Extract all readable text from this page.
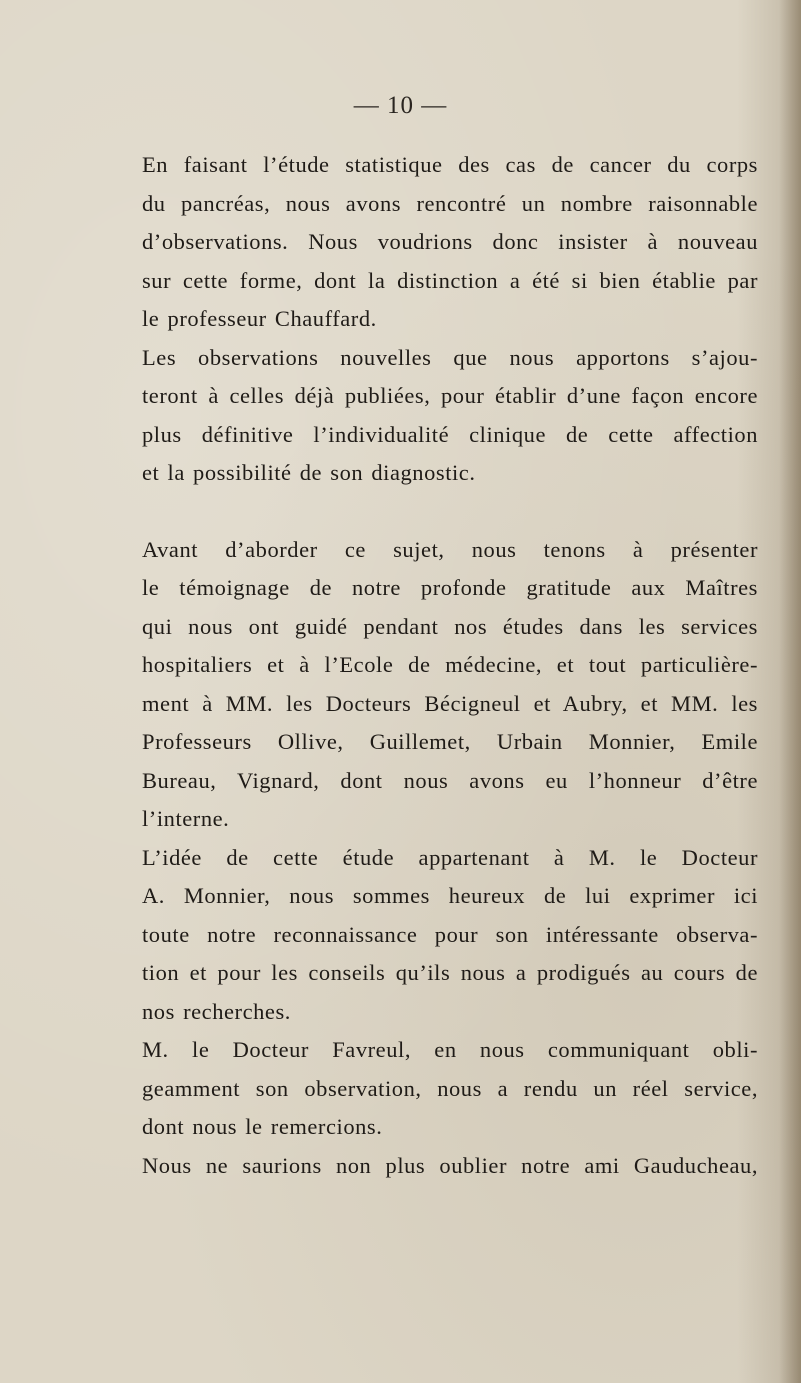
— 10 —

En faisant l’étude statistique des cas de cancer du corps
du pancréas, nous avons rencontré un nombre raisonnable
d’observations. Nous voudrions donc insister à nouveau
sur cette forme, dont la distinction a été si bien établie par
le professeur Chauffard.

Les observations nouvelles que nous apportons s’ajou-
teront à celles déjà publiées, pour établir d’une façon encore
plus définitive l’individualité clinique de cette affection
et la possibilité de son diagnostic.

Avant d’aborder ce sujet, nous tenons à présenter
le témoignage de notre profonde gratitude aux Maîtres
qui nous ont guidé pendant nos études dans les services
hospitaliers et à l’Ecole de médecine, et tout particulière-
ment à MM. les Docteurs Bécigneul et Aubry, et MM. les
Professeurs Ollive, Guillemet, Urbain Monnier, Emile
Bureau, Vignard, dont nous avons eu l’honneur d’être
l’interne.

L’idée de cette étude appartenant à M. le Docteur
A. Monnier, nous sommes heureux de lui exprimer ici
toute notre reconnaissance pour son intéressante observa-
tion et pour les conseils qu’ils nous a prodigués au cours de
nos recherches.

M. le Docteur Favreul, en nous communiquant obli-
geamment son observation, nous a rendu un réel service,
dont nous le remercions.

Nous ne saurions non plus oublier notre ami Gauducheau,
